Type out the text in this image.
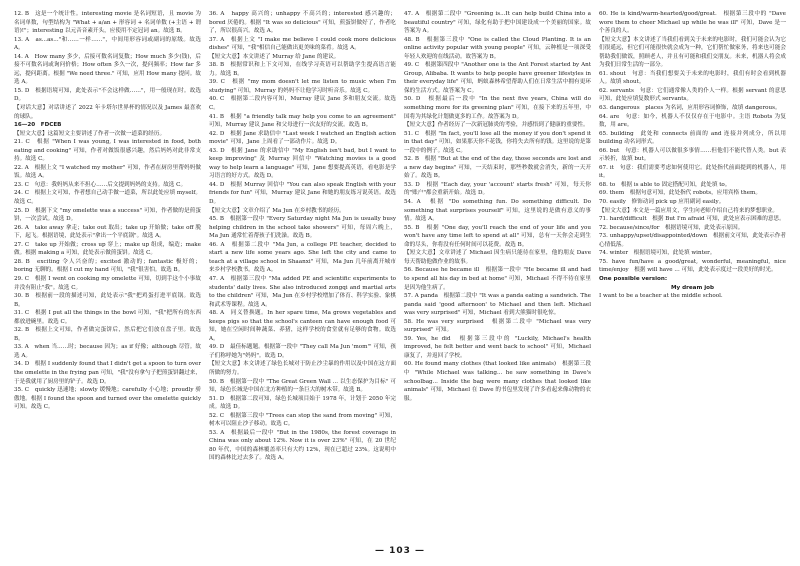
12. B　这是一个统计性。interesting movie 是名词短语，且 movie 为名词单数，句型结构为 "What + a/an + 形容词 + 名词单数 (+主语 + 谓语)!"；interesting 以元音音素开头，应使用不定冠词 an。故选 B。

13. A　as...as..."和……一样……"，中间用形容词或副词的原级。故选 A。

14. A　How many 多少，后接可数名词复数；How much 多少(钱)，后接不可数名词或询问价格；How often 多久一次，提问频率；How far 多远，提问距离。根据 "We need three." 可知，应用 How many 提问。故选 A。

15. D　根据语境可知，此处表示"不会这样做……"，用一般现在时。故选 D。

【对话大意】对话讲述了 2022 年卡塔尔世界杯的情况以及 James 最喜欢的球队。

16—20　FDCEB

【短文大意】这篇短文主要讲述了作者一次做一道菜的经历。

21. C　根据 "When I was young, I was interested in food, both eating and cooking" 可知，作者对做饭很感兴趣，然后妈妈对此非常支持。故选 C。

22. A　根据上文 "I watched my mother" 可知，作者在厨房里帮妈妈做饭。故选 A。

23. C　句意：我妈妈从来不担心……后文提到妈妈的支持。故选 C。

24. C　根据上文可知，作者想自己动手做一道菜，所以此处应填 myself。故选 C。

25. D　根据下文 "my omelette was a success" 可知，作者做的是煎蛋饼，一次尝试。故选 D。

26. A　take away 拿走；take out 取出；take up 开始做；take off 脱下，起飞。根据语境，此处表示"拿出一个平底锅"。故选 A。

27. C　take up 开始做；cross up 穿上；make up 组成，编造；make 做。根据 making a 可知，此处表示做煎蛋饼。故选 C。

28. B　exciting 令人兴奋的；excited 激动的；fantastic 极好的；boring 无聊的。根据 I cut my hand 可知，"我"很害怕。故选 B。

29. C　根据 I went on cooking my omelette 可知，切到手这个小事故并没有阻止"我"。故选 C。

30. B　根据前一段的描述可知，此处表示"我"把鸡蛋打进平底锅。故选 B。

31. C　根据 I put all the things in the bowl 可知，"我"把所有的东西都放进碗里。故选 C。

32. B　根据上文可知，作者做完蛋饼后，然后把它们放在盘子里。故选 B。

33. A　when 当……时；because 因为；as if 好像；although 尽管。故选 A。

34. D　根据 I suddenly found that I didn't get a spoon to turn over the omelette in the frying pan 可知，"我"没有拿勺子把煎蛋饼翻过来，于是我就用了厨房里的铲子。故选 D。

35. C　quickly 迅速地；slowly 缓慢地；carefully 小心地；proudly 骄傲地。根据 I found the spoon and turned over the omelette quickly 可知。故选 C。

36. A　happy 高兴的；unhappy 不高兴的；interested 感兴趣的；bored 厌倦的。根据 "It was so delicious" 可知，煎蛋饼做好了，作者吃了，所以很高兴。故选 A。

37. A　根据上文 "I make me believe I could cook more delicious dishes" 可知，"我"相信自己能做出更美味的菜肴。故选 A。

【短文大意】本文讲述了 Murray 给 Jane 的建议。

38. B　根据常识和上下文可知，在线学习英语可以帮助学生提高语言能力。故选 B。

39. C　根据 "my mom doesn't let me listen to music when I'm studying" 可知，Murray 的妈妈不让他学习时听音乐。故选 C。

40. C　根据第二段内容可知，Murray 建议 Jane 多和朋友交流。故选 C。

41. B　根据 "a friendly talk may help you come to an agreement" 可知，Murray 建议 Jane 和父母进行一次友好的交流。故选 B。

42. D　根据 Jane 求助信中 "Last week I watched an English action movie" 可知，Jane 上周看了一部动作片。故选 D。

43. D　根据 Jane 的求助信中 "My English isn't bad, but I want to keep improving" 及 Murray 回信中 "Watching movies is a good way to help learn a language" 可知，Jane 想要提高英语，看电影是学习语言的好方式。故选 D。

44. D　根据 Murray 回信中 "You can also speak English with your friends for fun" 可知，Murray 建议 Jane 和她的朋友练习说英语。故选 D。

【短文大意】文章介绍了 Ma Jun 在乡村教书的经历。

45. B　根据第一段中 "Every Saturday night Ma Jun is usually busy helping children in the school take showers" 可知，每周六晚上，Ma Jun 通常忙着帮孩子们洗澡。故选 B。

46. A　根据第二段中 "Ma Jun, a college PE teacher, decided to start a new life some years ago. She left the city and came to teach at a village school in Shaanxi" 可知，Ma Jun 几年前离开城市来乡村学校教书。故选 A。

47. A　根据第三段中 "Ma added PE and scientific experiments to students' daily lives. She also introduced zongqi and martial arts to the children" 可知，Ma Jun 在乡村学校增加了体育、科学实验、象棋和武术等课程。故选 A。

48. A　同义替换题。In her spare time, Ma grows vegetables and keeps pigs so that the school's canteen can have enough food 可知，她在空闲时间种蔬菜、养猪，这样学校的食堂就有足够的食物。故选 A。

49. D　最佳标题题。根据第一段中 "They call Ma Jun 'mom'" 可知，孩子们称呼她为"妈妈"。故选 D。

【短文大意】本文讲述了绿色长城对于防止沙尘暴的作用以及中国在这方面所做的努力。

50. B　根据第一段中 "The Great Green Wall ... 以生态保护为目标" 可知，绿色长城是中国在北方种植的一条巨大的树木带。故选 B。

51. D　根据第二段可知，绿色长城项目始于 1978 年，计划于 2050 年完成。故选 D。

52. C　根据第三段中 "Trees can stop the sand from moving" 可知，树木可以阻止沙子移动。故选 C。

53. A　根据最后一段中 "But in the 1980s, the forest coverage in China was only about 12%. Now it is over 23%" 可知，在 20 世纪 80 年代，中国的森林覆盖率只有大约 12%，现在已超过 23%。这说明中国的森林比过去多了。故选 A。

47. A　根据第二段中 "Greening is...It can help build China into a beautiful country" 可知，绿化有助于把中国建设成一个美丽的国家。故答案为 A。

48. B　根据第三段中 "One is called the Cloud Planting. It is an online activity popular with young people" 可知，云种植是一项深受年轻人欢迎的在线活动。故答案为 B。

49. C　根据第四段中 "Another one is the Ant Forest started by Ant Group, Alibaba. It wants to help people have greener lifestyles in their everyday life" 可知，蚂蚁森林希望帮助人们在日常生活中拥有更环保的生活方式。故答案为 C。

50. D　根据最后一段中 "In the next five years, China will do something more for its greening plan" 可知，在接下来的五年里，中国将为其绿化计划做更多的工作。故答案为 D。

【短文大意】作者经历了一次新冠肺炎的考验，并感悟到了健康的重要性。

51. C　根据 "In fact, you'll lose all the money if you don't spend it in that day" 可知，如果那天你不花钱，你将失去所有的钱。这里说的是第一段中的例子。故选 C。

52. B　根据 "But at the end of the day, those seconds are lost and a new day begins" 可知，一天结束时，那些秒数就会消失，新的一天开始了。故选 B。

53. D　根据 "Each day, your 'account' starts fresh" 可知，每天你的"账户"都会重新开始。故选 D。

54. A　根据 "Do something fun. Do something difficult. Do something that surprises yourself" 可知，这里说的是做有意义的事情。故选 A。

55. B　根据 "One day, you'll reach the end of your life and you won't have any time left to spend at all" 可知，总有一天你会走到生命的尽头，你将没有任何时间可以花费。故选 B。

【短文大意】文章讲述了 Michael 因生病只能待在家里，他的朋友 Dave 每天帮助他做作业的故事。

56. Because he became ill　根据第一段中 "He became ill and had to spend all his day in bed at home" 可知，Michael 不得不待在家里是因为他生病了。

57. A panda　根据第二段中 "It was a panda eating a sandwich. The panda said 'good afternoon' to Michael and then left. Michael was very surprised" 可知，Michael 看到大熊猫时很吃惊。

58. He was very surprised　根据第二段中 "Michael was very surprised" 可知。

59. Yes, he did　根据第三段中的 "Luckily, Michael's health improved, he felt better and went back to school" 可知，Michael 康复了，并返回了学校。

60. He found many clothes (that looked like animals)　根据第三段中 "While Michael was talking... he saw something in Dave's schoolbag... Inside the bag were many clothes that looked like animals" 可知，Michael 在 Dave 的书包里发现了许多看起来像动物的衣服。

60. He is kind/warm-hearted/good/great.　根据第三段中的 "Dave wore them to cheer Michael up while he was ill" 可知，Dave 是一个善良的人。

【短文大意】本文讲述了当我们看到关于未来的电影时，我们可能会认为它们很遥远，但它们可能很快就会成为一种，它们帮忙做家务，将来也可能会帮助我们做饭，照顾老人，并且有可能和我们交朋友。未来，机器人将会成为我们日常生活的一部分。

61. shout　句意：当我们想要关于未来的电影时，我们有时会看到机器人。故填 shout。

62. servants　句意：它们通常像人类的仆人一样。根据 servant 的意思可知，此处应填复数形式 servants。

63. dangerous　places 为名词，应用形容词修饰，故填 dangerous。

64. are　句意：如今，机器人不仅仅存在于电影中。主语 Robots 为复数，用 are。

65. building　此处和 connects 前面的 and 连接并列成分，所以用 building 动名词形式。

66. but　句意：机器人可以做很多事情……但他们不能代替人类。but 表示转折，故填 but。

67. it　句意：我们需要考虑如何使用它。此处指代前面提到的机器人，用 it。

68. to　根据 is able to 固定搭配可知，此处填 to。

69. them　根据句意可知，此处指代 robots，应用宾格 them。

70. easily　修饰动词 pick up 应用副词 easily。

【短文大意】本文是一篇应用文，学生向老师介绍自己将来的梦想职业。

71. hard/difficult　根据 But I'm afraid 可知，此处应表示困难的意思。

72. because/since/for　根据语境可知，此处表示原因。

73. unhappy/upset/disappointed/down　根据前文可知，此处表示作者心情低落。

74. winter　根据语境可知，此处填 winter。

75. have fun/have a good/great, wonderful, meaningful, nice time/enjoy　根据 will have ... 可知，此处表示度过一段美好的时光。

One possible version:

My dream job

I want to be a teacher at the middle school.

— 103 —
